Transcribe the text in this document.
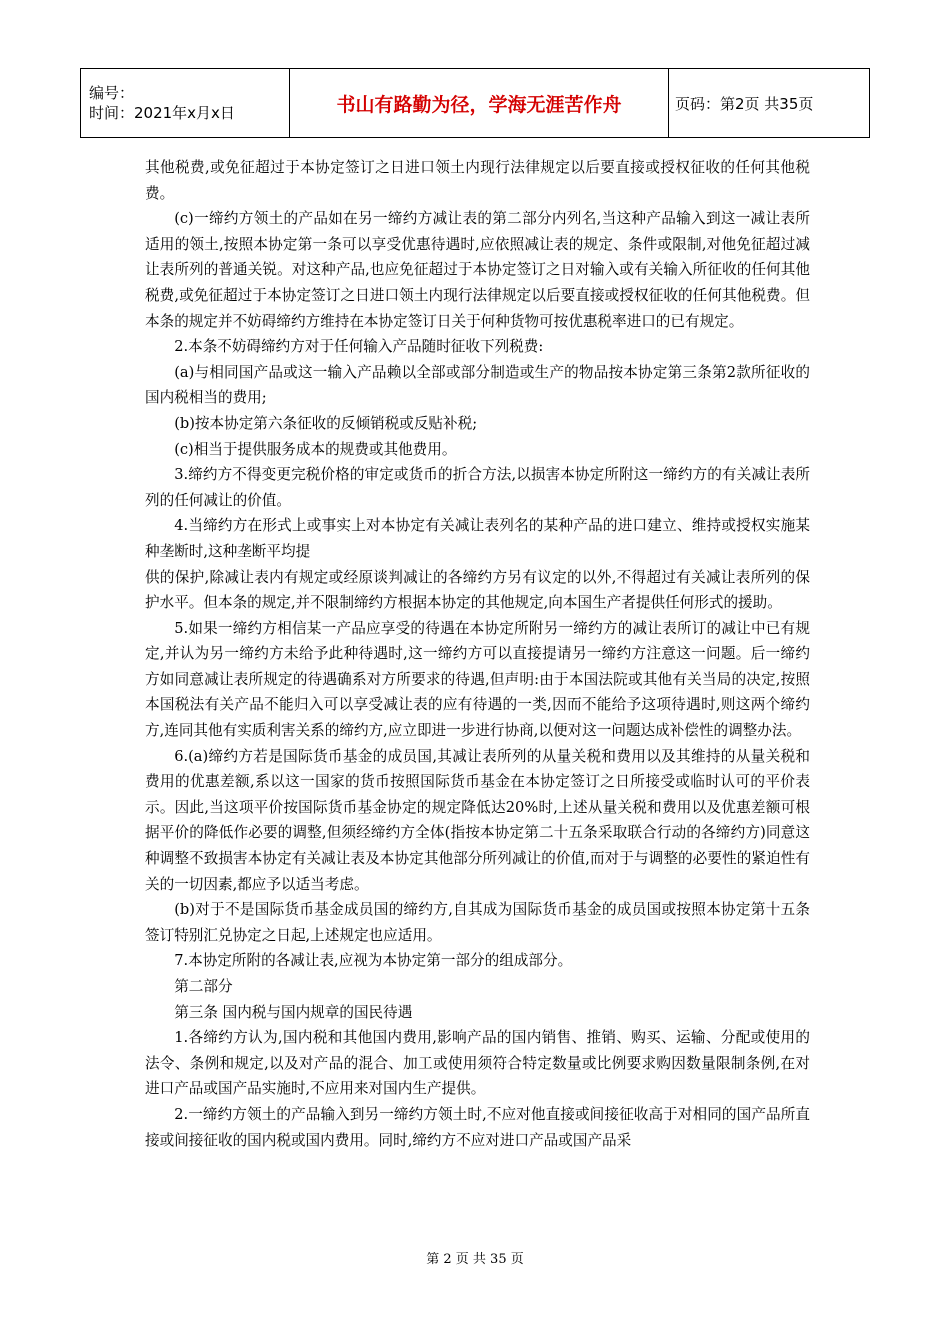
编号：
时间：2021年x月x日	书山有路勤为径，学海无涯苦作舟	页码：第2页 共35页

其他税费,或免征超过于本协定签订之日进口领土内现行法律规定以后要直接或授权征收的任何其他税费。

(c)一缔约方领土的产品如在另一缔约方减让表的第二部分内列名,当这种产品输入到这一减让表所适用的领土,按照本协定第一条可以享受优惠待遇时,应依照减让表的规定、条件或限制,对他免征超过减让表所列的普通关锐。对这种产品,也应免征超过于本协定签订之日对输入或有关输入所征收的任何其他税费,或免征超过于本协定签订之日进口领土内现行法律规定以后要直接或授权征收的任何其他税费。但本条的规定并不妨碍缔约方维持在本协定签订日关于何种货物可按优惠税率进口的已有规定。

2.本条不妨碍缔约方对于任何输入产品随时征收下列税费:

(a)与相同国产品或这一输入产品赖以全部或部分制造或生产的物品按本协定第三条第2款所征收的国内税相当的费用;

(b)按本协定第六条征收的反倾销税或反贴补税;

(c)相当于提供服务成本的规费或其他费用。

3.缔约方不得变更完税价格的审定或货币的折合方法,以损害本协定所附这一缔约方的有关减让表所列的任何减让的价值。

4.当缔约方在形式上或事实上对本协定有关减让表列名的某种产品的进口建立、维持或授权实施某种垄断时,这种垄断平均提

供的保护,除减让表内有规定或经原谈判减让的各缔约方另有议定的以外,不得超过有关减让表所列的保护水平。但本条的规定,并不限制缔约方根据本协定的其他规定,向本国生产者提供任何形式的援助。

5.如果一缔约方相信某一产品应享受的待遇在本协定所附另一缔约方的减让表所订的减让中已有规定,并认为另一缔约方未给予此种待遇时,这一缔约方可以直接提请另一缔约方注意这一问题。后一缔约方如同意减让表所规定的待遇确系对方所要求的待遇,但声明:由于本国法院或其他有关当局的决定,按照本国税法有关产品不能归入可以享受减让表的应有待遇的一类,因而不能给予这项待遇时,则这两个缔约方,连同其他有实质利害关系的缔约方,应立即进一步进行协商,以便对这一问题达成补偿性的调整办法。

6.(a)缔约方若是国际货币基金的成员国,其减让表所列的从量关税和费用以及其维持的从量关税和费用的优惠差额,系以这一国家的货币按照国际货币基金在本协定签订之日所接受或临时认可的平价表示。因此,当这项平价按国际货币基金协定的规定降低达20%时,上述从量关税和费用以及优惠差额可根据平价的降低作必要的调整,但须经缔约方全体(指按本协定第二十五条采取联合行动的各缔约方)同意这种调整不致损害本协定有关减让表及本协定其他部分所列减让的价值,而对于与调整的必要性的紧迫性有关的一切因素,都应予以适当考虑。

(b)对于不是国际货币基金成员国的缔约方,自其成为国际货币基金的成员国或按照本协定第十五条签订特别汇兑协定之日起,上述规定也应适用。

7.本协定所附的各减让表,应视为本协定第一部分的组成部分。

第二部分

第三条 国内税与国内规章的国民待遇

1.各缔约方认为,国内税和其他国内费用,影响产品的国内销售、推销、购买、运输、分配或使用的法令、条例和规定,以及对产品的混合、加工或使用须符合特定数量或比例要求购因数量限制条例,在对进口产品或国产品实施时,不应用来对国内生产提供。

2.一缔约方领土的产品输入到另一缔约方领土时,不应对他直接或间接征收高于对相同的国产品所直接或间接征收的国内税或国内费用。同时,缔约方不应对进口产品或国产品采

第 2 页 共 35 页
